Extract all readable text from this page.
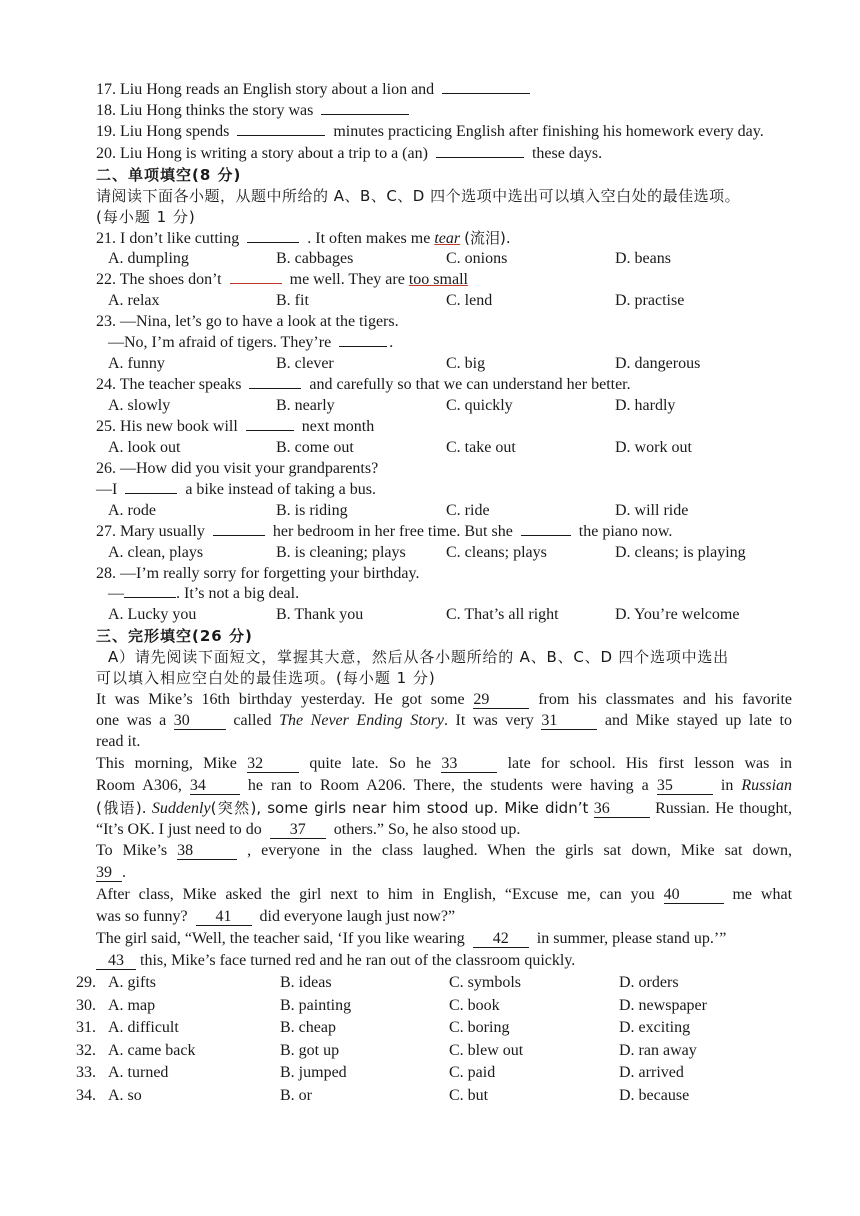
17. Liu Hong reads an English story about a lion and
18. Liu Hong thinks the story was
19. Liu Hong spends	minutes practicing English after finishing his homework every day.
20. Liu Hong is writing a story about a trip to a (an)	these days.
二、单项填空(8 分)
请阅读下面各小题，从题中所给的 A、B、C、D 四个选项中选出可以填入空白处的最佳选项。
(每小题 1 分)
21. I don’t like cutting	. It often makes me tear (流泪).
A. dumpling	B. cabbages	C. onions	D. beans
22. The shoes don’t	me well. They are too small
A. relax	B. fit	C. lend	D. practise
23. —Nina, let’s go to have a look at the tigers.
—No, I’m afraid of tigers. They’re	.
A. funny	B. clever	C. big	D. dangerous
24. The teacher speaks	and carefully so that we can understand her better.
A. slowly	B. nearly	C. quickly	D. hardly
25. His new book will	next month
A. look out	B. come out	C. take out	D. work out
26. —How did you visit your grandparents?
—I	a bike instead of taking a bus.
A. rode	B. is riding	C. ride	D. will ride
27. Mary usually	her bedroom in her free time. But she	the piano now.
A. clean, plays	B. is cleaning; plays	C. cleans; plays	D. cleans; is playing
28. —I’m really sorry for forgetting your birthday.
—	. It’s not a big deal.
A. Lucky you	B. Thank you	C. That’s all right	D. You’re welcome
三、完形填空(26 分)
A）请先阅读下面短文，掌握其大意，然后从各小题所给的 A、B、C、D 四个选项中选出
可以填入相应空白处的最佳选项。(每小题 1 分)
It was Mike’s 16th birthday yesterday. He got some 29	from his classmates and his favorite
one was a 30	called The Never Ending Story. It was very 31	and Mike stayed up late to
read it.
This morning, Mike 32	quite late. So he 33	late for school. His first lesson was in
Room A306, 34	he ran to Room A206. There, the students were having a 35	in Russian
(俄语). Suddenly(突然), some girls near him stood up. Mike didn’t 36	Russian. He thought,
“It’s OK. I just need to do 37 others.” So, he also stood up.
To Mike’s 38	, everyone in the class laughed. When the girls sat down, Mike sat down,
39 .
After class, Mike asked the girl next to him in English, “Excuse me, can you 40	me what
was so funny? 41 did everyone laugh just now?”
The girl said, “Well, the teacher said, ‘If you like wearing 42 in summer, please stand up.’”
43 this, Mike’s face turned red and he ran out of the classroom quickly.
29. A. gifts	B. ideas	C. symbols	D. orders
30. A. map	B. painting	C. book	D. newspaper
31. A. difficult	B. cheap	C. boring	D. exciting
32. A. came back	B. got up	C. blew out	D. ran away
33. A. turned	B. jumped	C. paid	D. arrived
34. A. so	B. or	C. but	D. because
